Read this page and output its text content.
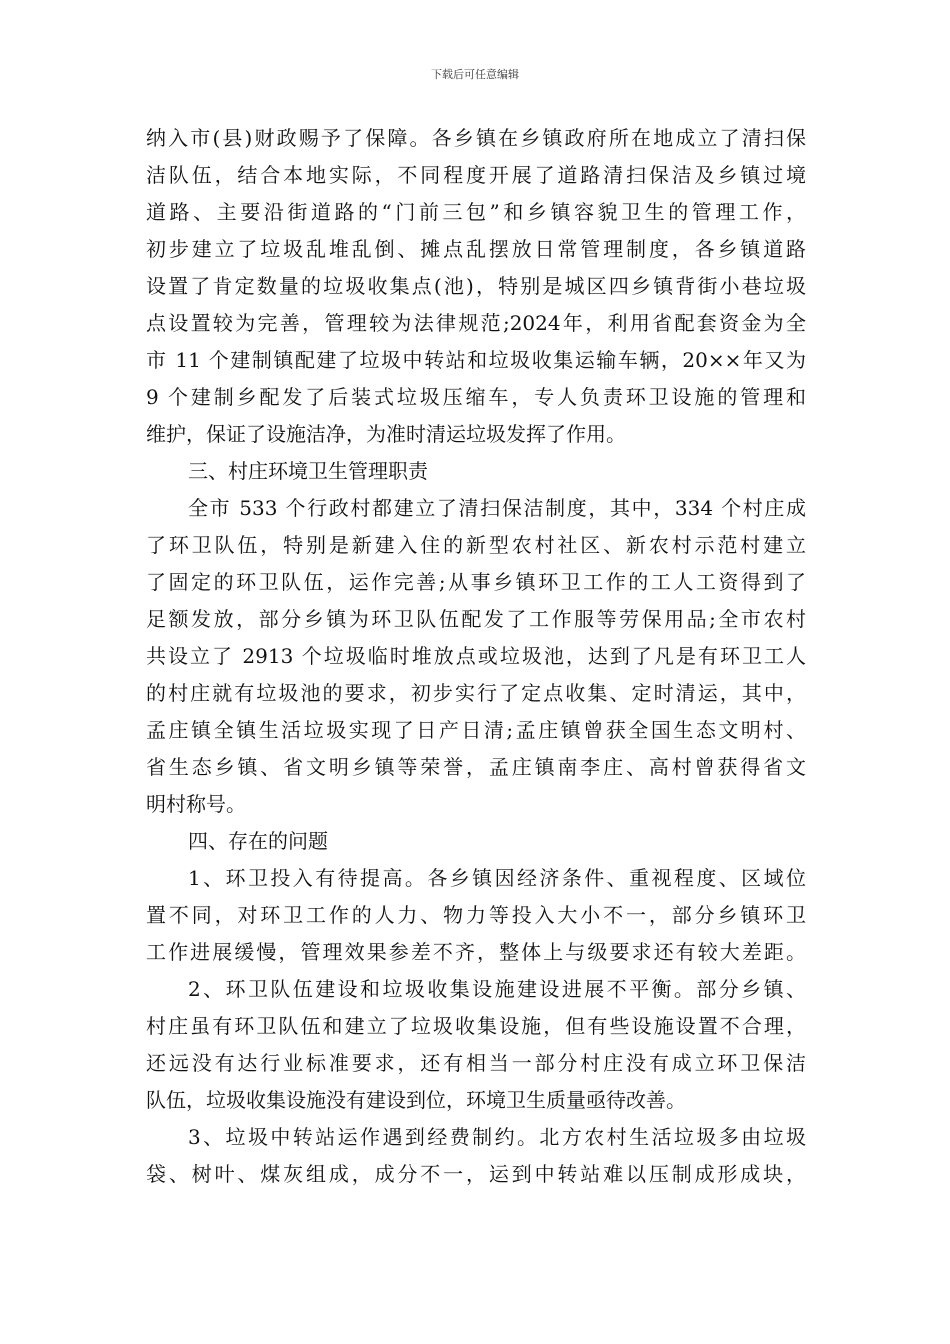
下载后可任意编辑
纳入市(县)财政赐予了保障。各乡镇在乡镇政府所在地成立了清扫保
洁队伍，结合本地实际，不同程度开展了道路清扫保洁及乡镇过境
道路、主要沿街道路的“门前三包”和乡镇容貌卫生的管理工作，
初步建立了垃圾乱堆乱倒、摊点乱摆放日常管理制度，各乡镇道路
设置了肯定数量的垃圾收集点(池)，特别是城区四乡镇背街小巷垃圾
点设置较为完善，管理较为法律规范;2024年，利用省配套资金为全
市 11 个建制镇配建了垃圾中转站和垃圾收集运输车辆，20××年又为
9 个建制乡配发了后装式垃圾压缩车，专人负责环卫设施的管理和
维护，保证了设施洁净，为准时清运垃圾发挥了作用。
三、村庄环境卫生管理职责
全市 533 个行政村都建立了清扫保洁制度，其中，334 个村庄成
了环卫队伍，特别是新建入住的新型农村社区、新农村示范村建立
了固定的环卫队伍，运作完善;从事乡镇环卫工作的工人工资得到了
足额发放，部分乡镇为环卫队伍配发了工作服等劳保用品;全市农村
共设立了 2913 个垃圾临时堆放点或垃圾池，达到了凡是有环卫工人
的村庄就有垃圾池的要求，初步实行了定点收集、定时清运，其中，
孟庄镇全镇生活垃圾实现了日产日清;孟庄镇曾获全国生态文明村、
省生态乡镇、省文明乡镇等荣誉，孟庄镇南李庄、高村曾获得省文
明村称号。
四、存在的问题
1、环卫投入有待提高。各乡镇因经济条件、重视程度、区域位
置不同，对环卫工作的人力、物力等投入大小不一，部分乡镇环卫
工作进展缓慢，管理效果参差不齐，整体上与级要求还有较大差距。
2、环卫队伍建设和垃圾收集设施建设进展不平衡。部分乡镇、
村庄虽有环卫队伍和建立了垃圾收集设施，但有些设施设置不合理，
还远没有达行业标准要求，还有相当一部分村庄没有成立环卫保洁
队伍，垃圾收集设施没有建设到位，环境卫生质量亟待改善。
3、垃圾中转站运作遇到经费制约。北方农村生活垃圾多由垃圾
袋、树叶、煤灰组成，成分不一，运到中转站难以压制成形成块，
